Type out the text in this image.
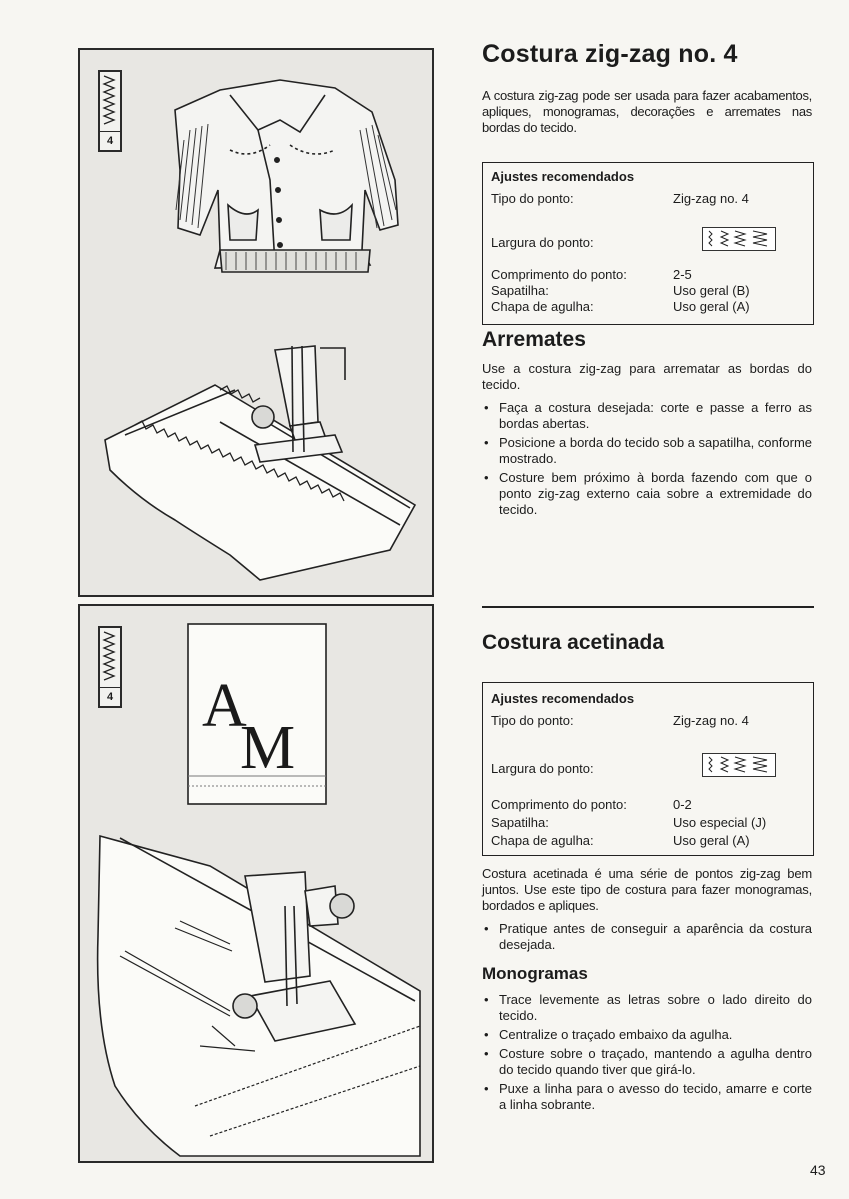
4
4 A
M
Costura zig-zag no. 4

A costura zig-zag pode ser usada para fazer acabamentos, apliques, monogramas, decorações e arremates nas bordas do tecido.

Ajustes recomendados
Tipo do ponto:	Zig-zag no. 4
Largura do ponto:
Comprimento do ponto:	2-5
Sapatilha:	Uso geral (B)
Chapa de agulha:	Uso geral (A)
Arremates

Use a costura zig-zag para arrematar as bordas do tecido.

• Faça a costura desejada: corte e passe a ferro as bordas abertas.
• Posicione a borda do tecido sob a sapatilha, conforme mostrado.
• Costure bem próximo à borda fazendo com que o ponto zig-zag externo caia sobre a extremidade do tecido.
Costura acetinada
Ajustes recomendados
Tipo do ponto:	Zig-zag no. 4
Largura do ponto:
Comprimento do ponto:	0-2
Sapatilha:	Uso especial (J)
Chapa de agulha:	Uso geral (A)

Costura acetinada é uma série de pontos zig-zag bem juntos. Use este tipo de costura para fazer monogramas, bordados e apliques.

• Pratique antes de conseguir a aparência da costura desejada.
Monogramas
• Trace levemente as letras sobre o lado direito do tecido.
• Centralize o traçado embaixo da agulha.
• Costure sobre o traçado, mantendo a agulha dentro do tecido quando tiver que girá-lo.
• Puxe a linha para o avesso do tecido, amarre e corte a linha sobrante.
43
